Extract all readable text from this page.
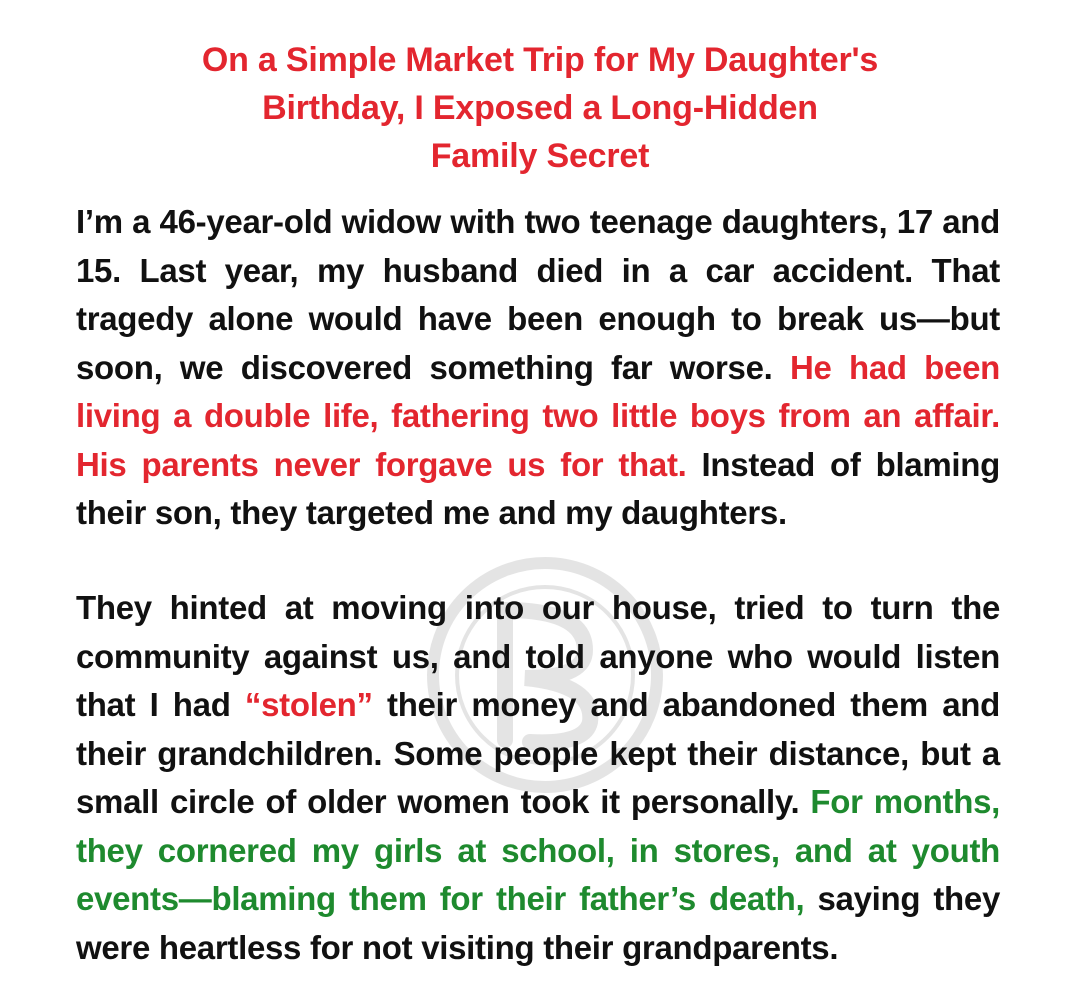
On a Simple Market Trip for My Daughter's
Birthday, I Exposed a Long-Hidden
Family Secret
I’m a 46-year-old widow with two teenage daughters, 17 and 15. Last year, my husband died in a car accident. That tragedy alone would have been enough to break us—but soon, we discovered something far worse. He had been living a double life, fathering two little boys from an affair. His parents never forgave us for that. Instead of blaming their son, they targeted me and my daughters.
They hinted at moving into our house, tried to turn the community against us, and told anyone who would listen that I had “stolen” their money and abandoned them and their grandchildren. Some people kept their distance, but a small circle of older women took it personally. For months, they cornered my girls at school, in stores, and at youth events—blaming them for their father’s death, saying they were heartless for not visiting their grandparents.
